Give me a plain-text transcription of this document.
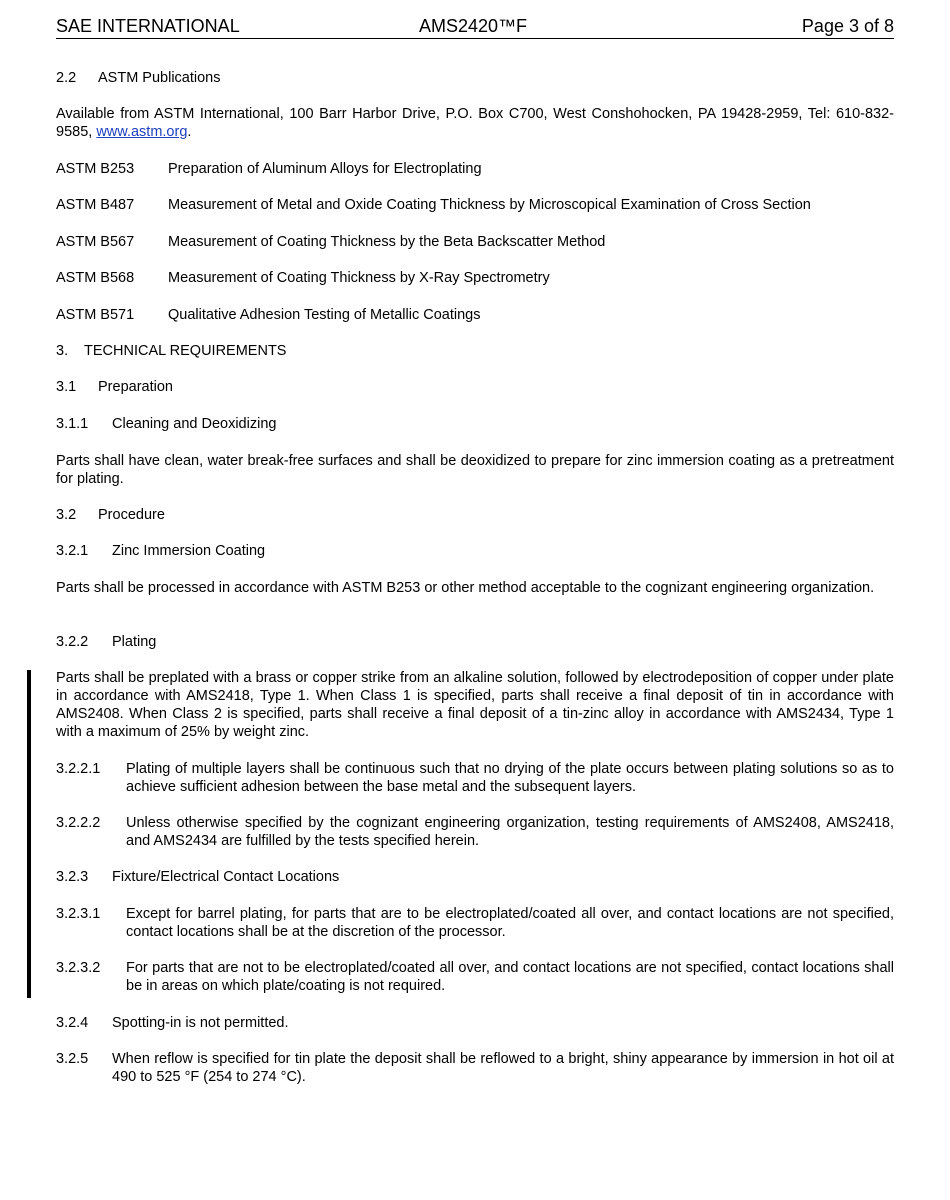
SAE INTERNATIONAL	AMS2420™F	Page 3 of 8
2.2 ASTM Publications
Available from ASTM International, 100 Barr Harbor Drive, P.O. Box C700, West Conshohocken, PA 19428-2959, Tel: 610-832-9585, www.astm.org.
ASTM B253 Preparation of Aluminum Alloys for Electroplating
ASTM B487 Measurement of Metal and Oxide Coating Thickness by Microscopical Examination of Cross Section
ASTM B567 Measurement of Coating Thickness by the Beta Backscatter Method
ASTM B568 Measurement of Coating Thickness by X-Ray Spectrometry
ASTM B571 Qualitative Adhesion Testing of Metallic Coatings
3. TECHNICAL REQUIREMENTS
3.1 Preparation
3.1.1 Cleaning and Deoxidizing
Parts shall have clean, water break-free surfaces and shall be deoxidized to prepare for zinc immersion coating as a pretreatment for plating.
3.2 Procedure
3.2.1 Zinc Immersion Coating
Parts shall be processed in accordance with ASTM B253 or other method acceptable to the cognizant engineering organization.
3.2.2 Plating
Parts shall be preplated with a brass or copper strike from an alkaline solution, followed by electrodeposition of copper under plate in accordance with AMS2418, Type 1. When Class 1 is specified, parts shall receive a final deposit of tin in accordance with AMS2408. When Class 2 is specified, parts shall receive a final deposit of a tin-zinc alloy in accordance with AMS2434, Type 1 with a maximum of 25% by weight zinc.
3.2.2.1 Plating of multiple layers shall be continuous such that no drying of the plate occurs between plating solutions so as to achieve sufficient adhesion between the base metal and the subsequent layers.
3.2.2.2 Unless otherwise specified by the cognizant engineering organization, testing requirements of AMS2408, AMS2418, and AMS2434 are fulfilled by the tests specified herein.
3.2.3 Fixture/Electrical Contact Locations
3.2.3.1 Except for barrel plating, for parts that are to be electroplated/coated all over, and contact locations are not specified, contact locations shall be at the discretion of the processor.
3.2.3.2 For parts that are not to be electroplated/coated all over, and contact locations are not specified, contact locations shall be in areas on which plate/coating is not required.
3.2.4 Spotting-in is not permitted.
3.2.5 When reflow is specified for tin plate the deposit shall be reflowed to a bright, shiny appearance by immersion in hot oil at 490 to 525 °F (254 to 274 °C).
